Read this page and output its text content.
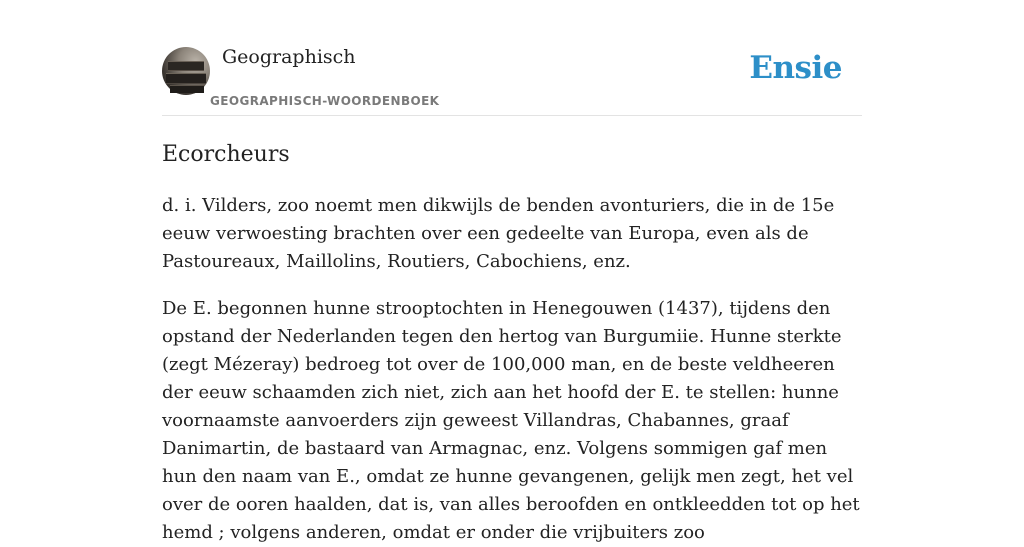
Geographisch
GEOGRAPHISCH-WOORDENBOEK
Ensie
Ecorcheurs

d. i. Vilders, zoo noemt men dikwijls de benden avonturiers, die in de 15e eeuw verwoesting brachten over een gedeelte van Europa, even als de Pastoureaux, Maillolins, Routiers, Cabochiens, enz.

De E. begonnen hunne strooptochten in Henegouwen (1437), tijdens den opstand der Nederlanden tegen den hertog van Burgumiie. Hunne sterkte (zegt Mézeray) bedroeg tot over de 100,000 man, en de beste veldheeren der eeuw schaamden zich niet, zich aan het hoofd der E. te stellen: hunne voornaamste aanvoerders zijn geweest Villandras, Chabannes, graaf Danimartin, de bastaard van Armagnac, enz. Volgens sommigen gaf men hun den naam van E., omdat ze hunne gevangenen, gelijk men zegt, het vel over de ooren haalden, dat is, van alles beroofden en ontkleedden tot op het hemd ; volgens anderen, omdat er onder die vrijbuiters zoo
